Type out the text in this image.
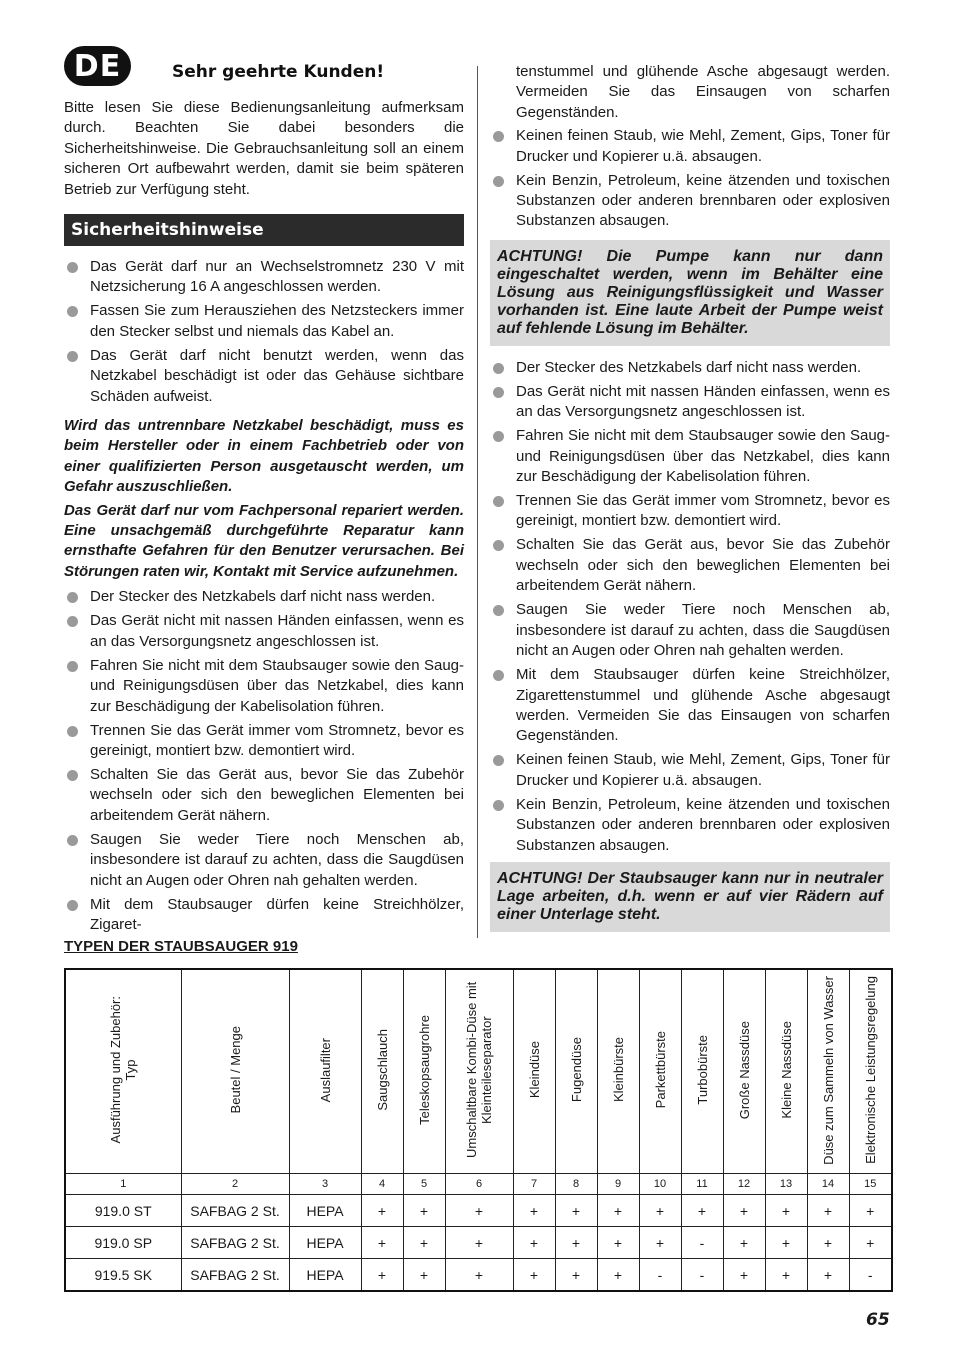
DE	Sehr geehrte Kunden!

Bitte lesen Sie diese Bedienungsanleitung aufmerksam durch. Beachten Sie dabei besonders die Sicherheitshinweise. Die Gebrauchsanleitung soll an einem sicheren Ort aufbewahrt werden, damit sie beim späteren Betrieb zur Verfügung steht.

Sicherheitshinweise
Das Gerät darf nur an Wechselstromnetz 230 V mit Netzsicherung 16 A angeschlossen werden.
Fassen Sie zum Herausziehen des Netzsteckers immer den Stecker selbst und niemals das Kabel an.
Das Gerät darf nicht benutzt werden, wenn das Netzkabel beschädigt ist oder das Gehäuse sichtbare Schäden aufweist.

Wird das untrennbare Netzkabel beschädigt, muss es beim Hersteller oder in einem Fachbetrieb oder von einer qualifizierten Person ausgetauscht werden, um Gefahr auszuschließen.

Das Gerät darf nur vom Fachpersonal repariert werden. Eine unsachgemäß durchgeführte Reparatur kann ernsthafte Gefahren für den Benutzer verursachen. Bei Störungen raten wir, Kontakt mit Service aufzunehmen.

Der Stecker des Netzkabels darf nicht nass werden.
Das Gerät nicht mit nassen Händen einfassen, wenn es an das Versorgungsnetz angeschlossen ist.
Fahren Sie nicht mit dem Staubsauger sowie den Saug- und Reinigungsdüsen über das Netzkabel, dies kann zur Beschädigung der Kabelisolation führen.
Trennen Sie das Gerät immer vom Stromnetz, bevor es gereinigt, montiert bzw. demontiert wird.
Schalten Sie das Gerät aus, bevor Sie das Zubehör wechseln oder sich den beweglichen Elementen bei arbeitendem Gerät nähern.
Saugen Sie weder Tiere noch Menschen ab, insbesondere ist darauf zu achten, dass die Saugdüsen nicht an Augen oder Ohren nah gehalten werden.
Mit dem Staubsauger dürfen keine Streichhölzer, Zigaret-

tenstummel und glühende Asche abgesaugt werden. Vermeiden Sie das Einsaugen von scharfen Gegenständen.

Keinen feinen Staub, wie Mehl, Zement, Gips, Toner für Drucker und Kopierer u.ä. absaugen.
Kein Benzin, Petroleum, keine ätzenden und toxischen Substanzen oder anderen brennbaren oder explosiven Substanzen absaugen.
ACHTUNG! Die Pumpe kann nur dann eingeschaltet werden, wenn im Behälter eine Lösung aus Reinigungsflüssigkeit und Wasser vorhanden ist. Eine laute Arbeit der Pumpe weist auf fehlende Lösung im Behälter.
Der Stecker des Netzkabels darf nicht nass werden.
Das Gerät nicht mit nassen Händen einfassen, wenn es an das Versorgungsnetz angeschlossen ist.
Fahren Sie nicht mit dem Staubsauger sowie den Saug- und Reinigungsdüsen über das Netzkabel, dies kann zur Beschädigung der Kabelisolation führen.
Trennen Sie das Gerät immer vom Stromnetz, bevor es gereinigt, montiert bzw. demontiert wird.
Schalten Sie das Gerät aus, bevor Sie das Zubehör wechseln oder sich den beweglichen Elementen bei arbeitendem Gerät nähern.
Saugen Sie weder Tiere noch Menschen ab, insbesondere ist darauf zu achten, dass die Saugdüsen nicht an Augen oder Ohren nah gehalten werden.
Mit dem Staubsauger dürfen keine Streichhölzer, Zigarettenstummel und glühende Asche abgesaugt werden. Vermeiden Sie das Einsaugen von scharfen Gegenständen.
Keinen feinen Staub, wie Mehl, Zement, Gips, Toner für Drucker und Kopierer u.ä. absaugen.
Kein Benzin, Petroleum, keine ätzenden und toxischen Substanzen oder anderen brennbaren oder explosiven Substanzen absaugen.
ACHTUNG! Der Staubsauger kann nur in neutraler Lage arbeiten, d.h. wenn er auf vier Rädern auf einer Unterlage steht.
TYPEN DER STAUBSAUGER 919
Ausführung und Zubehör:
Typ	Beutel / Menge	Auslaufilter	Saugschlauch	Teleskopsaugrohre	Umschaltbare Kombi-Düse mit Kleinteileseparator	Kleindüse	Fugendüse	Kleinbürste	Parkettbürste	Turbobürste	Große Nassdüse	Kleine Nassdüse	Düse zum Sammeln von Wasser	Elektronische Leistungsregelung
1	2	3	4	5	6	7	8	9	10	11	12	13	14	15
919.0 ST	SAFBAG 2 St.	HEPA	+	+	+	+	+	+	+	+	+	+	+	+
919.0 SP	SAFBAG 2 St.	HEPA	+	+	+	+	+	+	+	-	+	+	+	+
919.5 SK	SAFBAG 2 St.	HEPA	+	+	+	+	+	+	-	-	+	+	+	-
65
